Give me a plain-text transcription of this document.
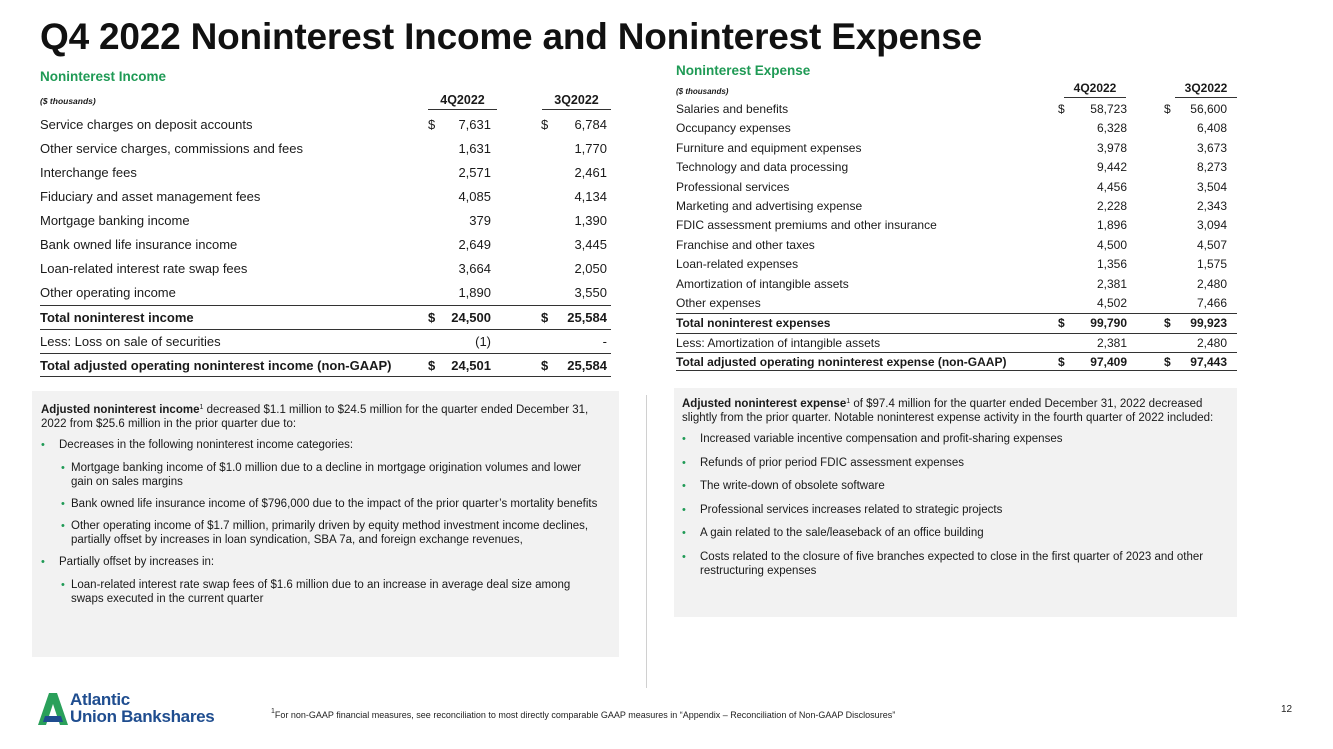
Q4 2022 Noninterest Income and Noninterest Expense
Noninterest Income
($ thousands)	4Q2022	3Q2022
Service charges on deposit accounts	$ 7,631	$ 6,784
Other service charges, commissions and fees	1,631	1,770
Interchange fees	2,571	2,461
Fiduciary and asset management fees	4,085	4,134
Mortgage banking income	379	1,390
Bank owned life insurance income	2,649	3,445
Loan-related interest rate swap fees	3,664	2,050
Other operating income	1,890	3,550
Total noninterest income	$ 24,500	$ 25,584
Less: Loss on sale of securities	(1)	-
Total adjusted operating noninterest income (non-GAAP)	$ 24,501	$ 25,584
Noninterest Expense
($ thousands)	4Q2022	3Q2022
Salaries and benefits	$ 58,723	$ 56,600
Occupancy expenses	6,328	6,408
Furniture and equipment expenses	3,978	3,673
Technology and data processing	9,442	8,273
Professional services	4,456	3,504
Marketing and advertising expense	2,228	2,343
FDIC assessment premiums and other insurance	1,896	3,094
Franchise and other taxes	4,500	4,507
Loan-related expenses	1,356	1,575
Amortization of intangible assets	2,381	2,480
Other expenses	4,502	7,466
Total noninterest expenses	$ 99,790	$ 99,923
Less: Amortization of intangible assets	2,381	2,480
Total adjusted operating noninterest expense (non-GAAP)	$ 97,409	$ 97,443

Adjusted noninterest income$^1$ decreased $1.1 million to $24.5 million for the quarter ended December 31, 2022 from $25.6 million in the prior quarter due to:

• Decreases in the following noninterest income categories:
• Mortgage banking income of $1.0 million due to a decline in mortgage origination volumes and lower gain on sales margins
• Bank owned life insurance income of $796,000 due to the impact of the prior quarter’s mortality benefits
• Other operating income of $1.7 million, primarily driven by equity method investment income declines, partially offset by increases in loan syndication, SBA 7a, and foreign exchange revenues,
• Partially offset by increases in:
• Loan-related interest rate swap fees of $1.6 million due to an increase in average deal size among swaps executed in the current quarter

Adjusted noninterest expense$^1$ of $97.4 million for the quarter ended December 31, 2022 decreased slightly from the prior quarter. Notable noninterest expense activity in the fourth quarter of 2022 included:

• Increased variable incentive compensation and profit-sharing expenses
• Refunds of prior period FDIC assessment expenses
• The write-down of obsolete software
• Professional services increases related to strategic projects
• A gain related to the sale/leaseback of an office building
• Costs related to the closure of five branches expected to close in the first quarter of 2023 and other restructuring expenses
Atlantic
Union Bankshares	$^1$For non-GAAP financial measures, see reconciliation to most directly comparable GAAP measures in “Appendix – Reconciliation of Non-GAAP Disclosures”	12
